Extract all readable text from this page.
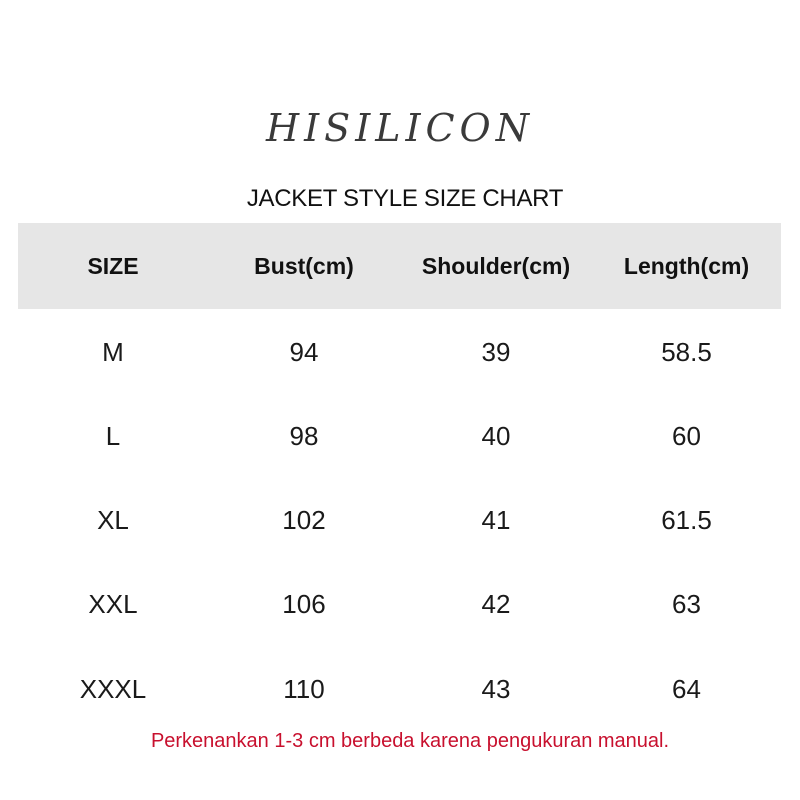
HISILICON
JACKET STYLE SIZE CHART
SIZE	Bust(cm)	Shoulder(cm)	Length(cm)
M	94	39	58.5
L	98	40	60
XL	102	41	61.5
XXL	106	42	63
XXXL	110	43	64
Perkenankan 1-3 cm berbeda karena pengukuran manual.
